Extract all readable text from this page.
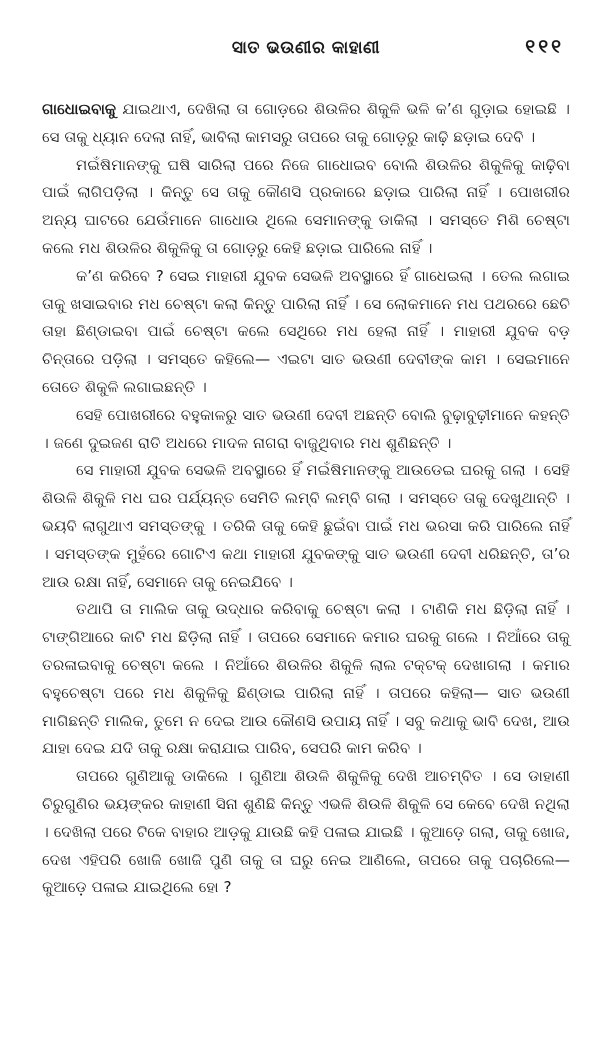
ସାତ ଭଉଣୀର କାହାଣୀ	୧୧୧

ଗାଧୋଇବାକୁ ଯାଇଥାଏ, ଦେଖିଲା ତା ଗୋଡ଼ରେ ଶିଉଳିର ଶିକୁଳି ଭଳି କ’ଣ ଗୁଡ଼ାଇ ହୋଇଛି । ସେ ତାକୁ ଧ୍ୟାନ ଦେଲା ନାହିଁ, ଭାବିଲା କାମସରୁ ତାପରେ ତାକୁ ଗୋଡ଼ରୁ କାଢ଼ି ଛଡ଼ାଇ ଦେବି ।

ମଇଁଷିମାନଙ୍କୁ ଘଷି ସାରିଲା ପରେ ନିଜେ ଗାଧୋଇବ ବୋଲି ଶିଉଳିର ଶିକୁଳିକୁ କାଢ଼ିବା ପାଇଁ ଲାଗିପଡ଼ିଲା । କିନ୍ତୁ ସେ ତାକୁ କୌଣସି ପ୍ରକାରେ ଛଡ଼ାଇ ପାରିଲା ନାହିଁ । ପୋଖରୀର ଅନ୍ୟ ଘାଟରେ ଯେଉଁମାନେ ଗାଧୋଉ ଥିଲେ ସେମାନଙ୍କୁ ଡାକିଲା । ସମସ୍ତେ ମିଶି ଚେଷ୍ଟା କଲେ ମଧ ଶିଉଳିର ଶିକୁଳିକୁ ତା ଗୋଡ଼ରୁ କେହି ଛଡ଼ାଇ ପାରିଲେ ନାହିଁ ।

କ’ଣ କରିବେ ? ସେଇ ମାହାରୀ ଯୁବକ ସେଭଳି ଅବସ୍ଥାରେ ହିଁ ଗାଧେଇଲା । ତେଲ ଲଗାଇ ତାକୁ ଖସାଇବାର ମଧ ଚେଷ୍ଟା କଲା କିନ୍ତୁ ପାରିଲା ନାହିଁ । ସେ ଲୋକମାନେ ମଧ ପଥରରେ ଛେଚି ତାହା ଛିଣ୍ଡାଇବା ପାଇଁ ଚେଷ୍ଟା କଲେ ସେଥିରେ ମଧ ହେଲା ନାହିଁ । ମାହାରୀ ଯୁବକ ବଡ଼ ଚିନ୍ତାରେ ପଡ଼ିଲା । ସମସ୍ତେ କହିଲେ— ଏଇଟା ସାତ ଭଉଣୀ ଦେବୀଙ୍କ କାମ । ସେଇମାନେ ତୋତେ ଶିକୁଳି ଲଗାଇଛନ୍ତି ।

ସେହି ପୋଖରୀରେ ବହୁକାଳରୁ ସାତ ଭଉଣୀ ଦେବୀ ଅଛନ୍ତି ବୋଲି ବୁଢ଼ାବୁଢ଼ୀମାନେ କହନ୍ତି । ଜଣେ ଦୁଇଜଣ ରାତି ଅଧରେ ମାଦଳ ନାଗରା ବାଜୁଥିବାର ମଧ ଶୁଣିଛନ୍ତି ।

ସେ ମାହାରୀ ଯୁବକ ସେଭଳି ଅବସ୍ଥାରେ ହିଁ ମଇଁଷିମାନଙ୍କୁ ଆଉଡେଇ ଘରକୁ ଗଲା । ସେହି ଶିଉଳି ଶିକୁଳି ମଧ ଘର ପର୍ଯ୍ୟନ୍ତ ସେମିତି ଲମ୍ବି ଲମ୍ବି ଗଲା । ସମସ୍ତେ ତାକୁ ଦେଖୁଥାନ୍ତି । ଭୟବି ଲାଗୁଥାଏ ସମସ୍ତଙ୍କୁ । ତରିକି ତାକୁ କେହି ଛୁଇଁବା ପାଇଁ ମଧ ଭରସା କରି ପାରିଲେ ନାହିଁ । ସମସ୍ତଙ୍କ ମୁହଁରେ ଗୋଟିଏ କଥା ମାହାରୀ ଯୁବକଙ୍କୁ ସାତ ଭଉଣୀ ଦେବୀ ଧରିଛନ୍ତି, ତା’ର ଆଉ ରକ୍ଷା ନାହିଁ, ସେମାନେ ତାକୁ ନେଇଯିବେ ।

ତଥାପି ତା ମାଲିକ ତାକୁ ଉଦ୍ଧାର କରିବାକୁ ଚେଷ୍ଟା କଲା । ଟାଣିକି ମଧ ଛିଡ଼ିଲା ନାହିଁ । ଟାଙ୍ଗିଆରେ କାଟି ମଧ ଛିଡ଼ିଲା ନାହିଁ । ତାପରେ ସେମାନେ କମାର ଘରକୁ ଗଲେ । ନିଆଁରେ ତାକୁ ତରଳାଇବାକୁ ଚେଷ୍ଟା କଲେ । ନିଆଁରେ ଶିଉଳିର ଶିକୁଳି ଲାଲ ଟକ୍‌ଟକ୍ ଦେଖାଗଲା । କମାର ବହୁଚେଷ୍ଟା ପରେ ମଧ ଶିକୁଳିକୁ ଛିଣ୍ଡାଇ ପାରିଲା ନାହିଁ । ତାପରେ କହିଲା— ସାତ ଭଉଣୀ ମାଗିଛନ୍ତି ମାଲିକ, ତୁମେ ନ ଦେଇ ଆଉ କୌଣସି ଉପାୟ ନାହିଁ । ସବୁ କଥାକୁ ଭାବି ଦେଖ, ଆଉ ଯାହା ଦେଇ ଯଦି ତାକୁ ରକ୍ଷା କରାଯାଇ ପାରିବ, ସେପରି କାମ କରିବ ।

ତାପରେ ଗୁଣିଆକୁ ଡାକିଲେ । ଗୁଣିଆ ଶିଉଳି ଶିକୁଳିକୁ ଦେଖି ଆଚମ୍ବିତ । ସେ ଡାହାଣୀ ଚିରୁଗୁଣିର ଭୟଙ୍କର କାହାଣୀ ସିନା ଶୁଣିଛି କିନ୍ତୁ ଏଭଳି ଶିଉଳି ଶିକୁଳି ସେ କେବେ ଦେଖି ନଥିଲା । ଦେଖିଲା ପରେ ଟିକେ ବାହାର ଆଡ଼କୁ ଯାଉଛି କହି ପଳାଇ ଯାଇଛି । କୁଆଡ଼େ ଗଲା, ତାକୁ ଖୋଜ, ଦେଖ ଏହିପରି ଖୋଜି ଖୋଜି ପୁଣି ତାକୁ ତା ଘରୁ ନେଇ ଆଣିଲେ, ତାପରେ ତାକୁ ପଚାରିଲେ— କୁଆଡ଼େ ପଳାଇ ଯାଇଥିଲେ ହୋ ?
